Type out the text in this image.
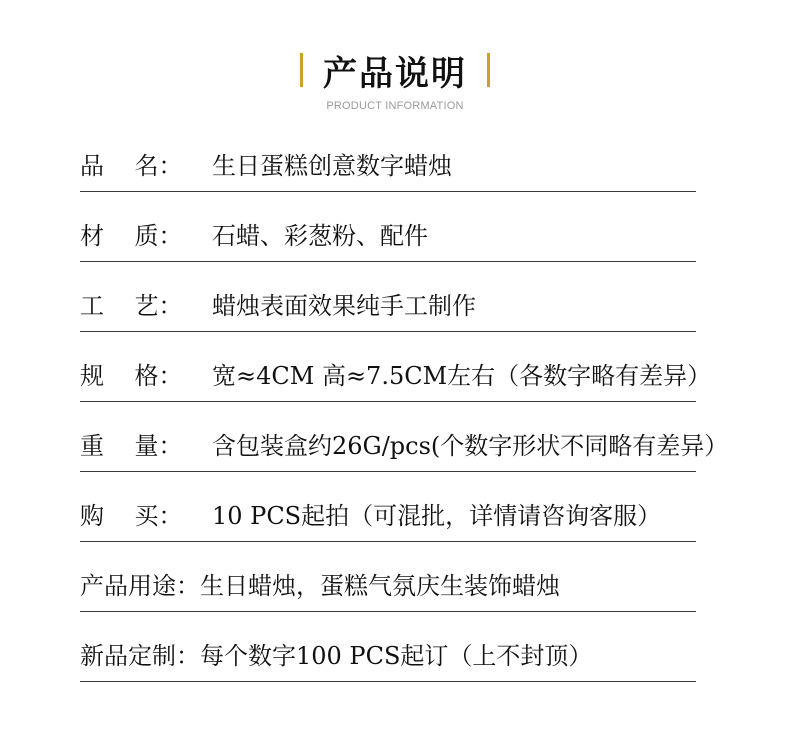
产品说明
PRODUCT INFORMATION
品    名： 生日蛋糕创意数字蜡烛
材    质： 石蜡、彩葱粉、配件
工    艺： 蜡烛表面效果纯手工制作
规    格： 宽≈4CM 高≈7.5CM左右（各数字略有差异）
重    量： 含包装盒约26G/pcs(个数字形状不同略有差异）
购    买： 10 PCS起拍（可混批，详情请咨询客服）
产品用途：生日蜡烛，蛋糕气氛庆生装饰蜡烛
新品定制：每个数字100 PCS起订（上不封顶）
